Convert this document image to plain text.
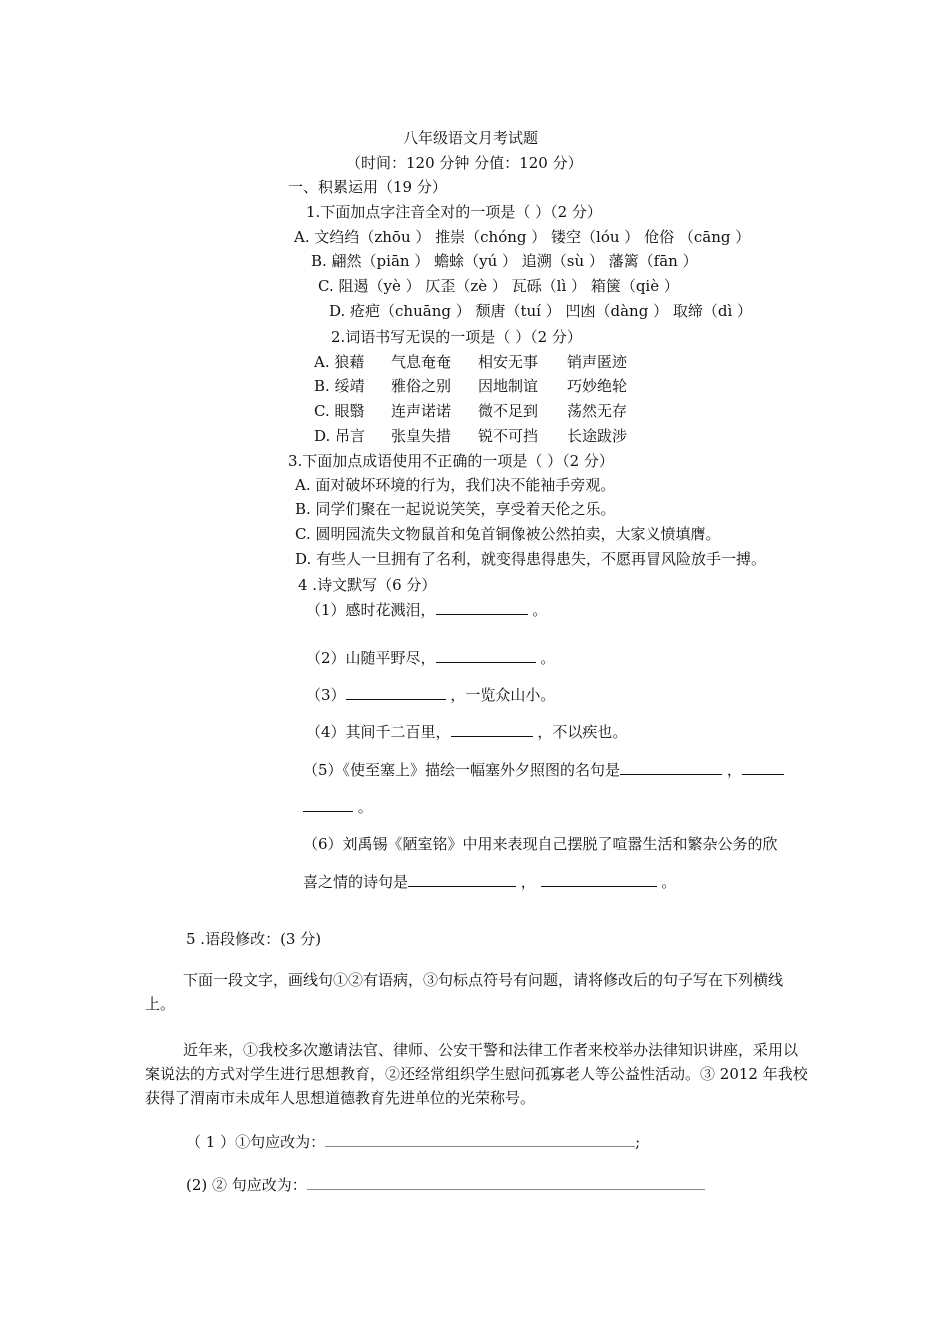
八年级语文月考试题
（时间：120 分钟 分值：120 分）
一、积累运用（19 分）
1.下面加点字注音全对的一项是（ ）（2 分）
A. 文绉绉（zhōu ） 推崇（chóng ） 镂空（lóu ） 伧俗 （cāng ）
B. 翩然（piān ） 蟾蜍（yú ） 追溯（sù ） 藩篱（fān ）
C. 阻遏（yè ） 仄歪（zè ） 瓦砾（lì ） 箱箧（qiè ）
D. 疮疤（chuāng ） 颓唐（tuí ） 凹凼（dàng ） 取缔（dì ）
2.词语书写无误的一项是（ ）（2 分）
A. 狼藉 气息奄奄 相安无事 销声匿迹
B. 绥靖 雅俗之别 因地制谊 巧妙绝轮
C. 眼翳 连声诺诺 微不足到 荡然无存
D. 吊言 张皇失措 锐不可挡 长途跋涉
3.下面加点成语使用不正确的一项是（ ）（2 分）
A. 面对破坏环境的行为，我们决不能袖手旁观。
B. 同学们聚在一起说说笑笑，享受着天伦之乐。
C. 圆明园流失文物鼠首和兔首铜像被公然拍卖，大家义愤填膺。
D. 有些人一旦拥有了名利，就变得患得患失，不愿再冒风险放手一搏。
4 .诗文默写（6 分）
（1）感时花溅泪，	。
（2）山随平野尽，	。
（3）	，一览众山小。
（4）其间千二百里，	，不以疾也。
（5）《使至塞上》描绘一幅塞外夕照图的名句是	，
。
（6）刘禹锡《陋室铭》中用来表现自己摆脱了喧嚣生活和繁杂公务的欣
喜之情的诗句是	，	。
5 .语段修改：(3 分)
下面一段文字，画线句①②有语病，③句标点符号有问题，请将修改后的句子写在下列横线上。
近年来，①我校多次邀请法官、律师、公安干警和法律工作者来校举办法律知识讲座，采用以案说法的方式对学生进行思想教育，②还经常组织学生慰问孤寡老人等公益性活动。③ 2012 年我校获得了渭南市未成年人思想道德教育先进单位的光荣称号。
（ 1 ）①句应改为：	;
(2) ② 句应改为：
